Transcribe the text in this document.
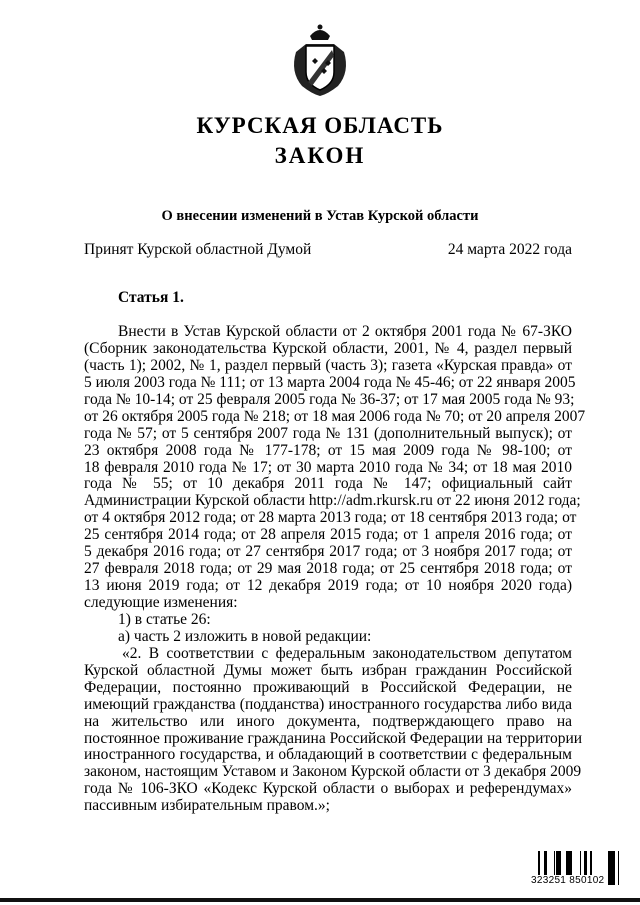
КУРСКАЯ ОБЛАСТЬ
ЗАКОН
О внесении изменений в Устав Курской области
Принят Курской областной Думой	24 марта 2022 года
Статья 1.
Внести в Устав Курской области от 2 октября 2001 года № 67-ЗКО
(Сборник законодательства Курской области, 2001, № 4, раздел первый
(часть 1); 2002, № 1, раздел первый (часть 3); газета «Курская правда» от
5 июля 2003 года № 111; от 13 марта 2004 года № 45-46; от 22 января 2005
года № 10-14; от 25 февраля 2005 года № 36-37; от 17 мая 2005 года № 93;
от 26 октября 2005 года № 218; от 18 мая 2006 года № 70; от 20 апреля 2007
года № 57; от 5 сентября 2007 года № 131 (дополнительный выпуск); от
23 октября 2008 года № 177-178; от 15 мая 2009 года № 98-100; от
18 февраля 2010 года № 17; от 30 марта 2010 года № 34; от 18 мая 2010
года № 55; от 10 декабря 2011 года № 147; официальный сайт
Администрации Курской области http://adm.rkursk.ru от 22 июня 2012 года;
от 4 октября 2012 года; от 28 марта 2013 года; от 18 сентября 2013 года; от
25 сентября 2014 года; от 28 апреля 2015 года; от 1 апреля 2016 года; от
5 декабря 2016 года; от 27 сентября 2017 года; от 3 ноября 2017 года; от
27 февраля 2018 года; от 29 мая 2018 года; от 25 сентября 2018 года; от
13 июня 2019 года; от 12 декабря 2019 года; от 10 ноября 2020 года)
следующие изменения:
1) в статье 26:
а) часть 2 изложить в новой редакции:
«2. В соответствии с федеральным законодательством депутатом
Курской областной Думы может быть избран гражданин Российской
Федерации, постоянно проживающий в Российской Федерации, не
имеющий гражданства (подданства) иностранного государства либо вида
на жительство или иного документа, подтверждающего право на
постоянное проживание гражданина Российской Федерации на территории
иностранного государства, и обладающий в соответствии с федеральным
законом, настоящим Уставом и Законом Курской области от 3 декабря 2009
года № 106-ЗКО «Кодекс Курской области о выборах и референдумах»
пассивным избирательным правом.»;
323251 850102
